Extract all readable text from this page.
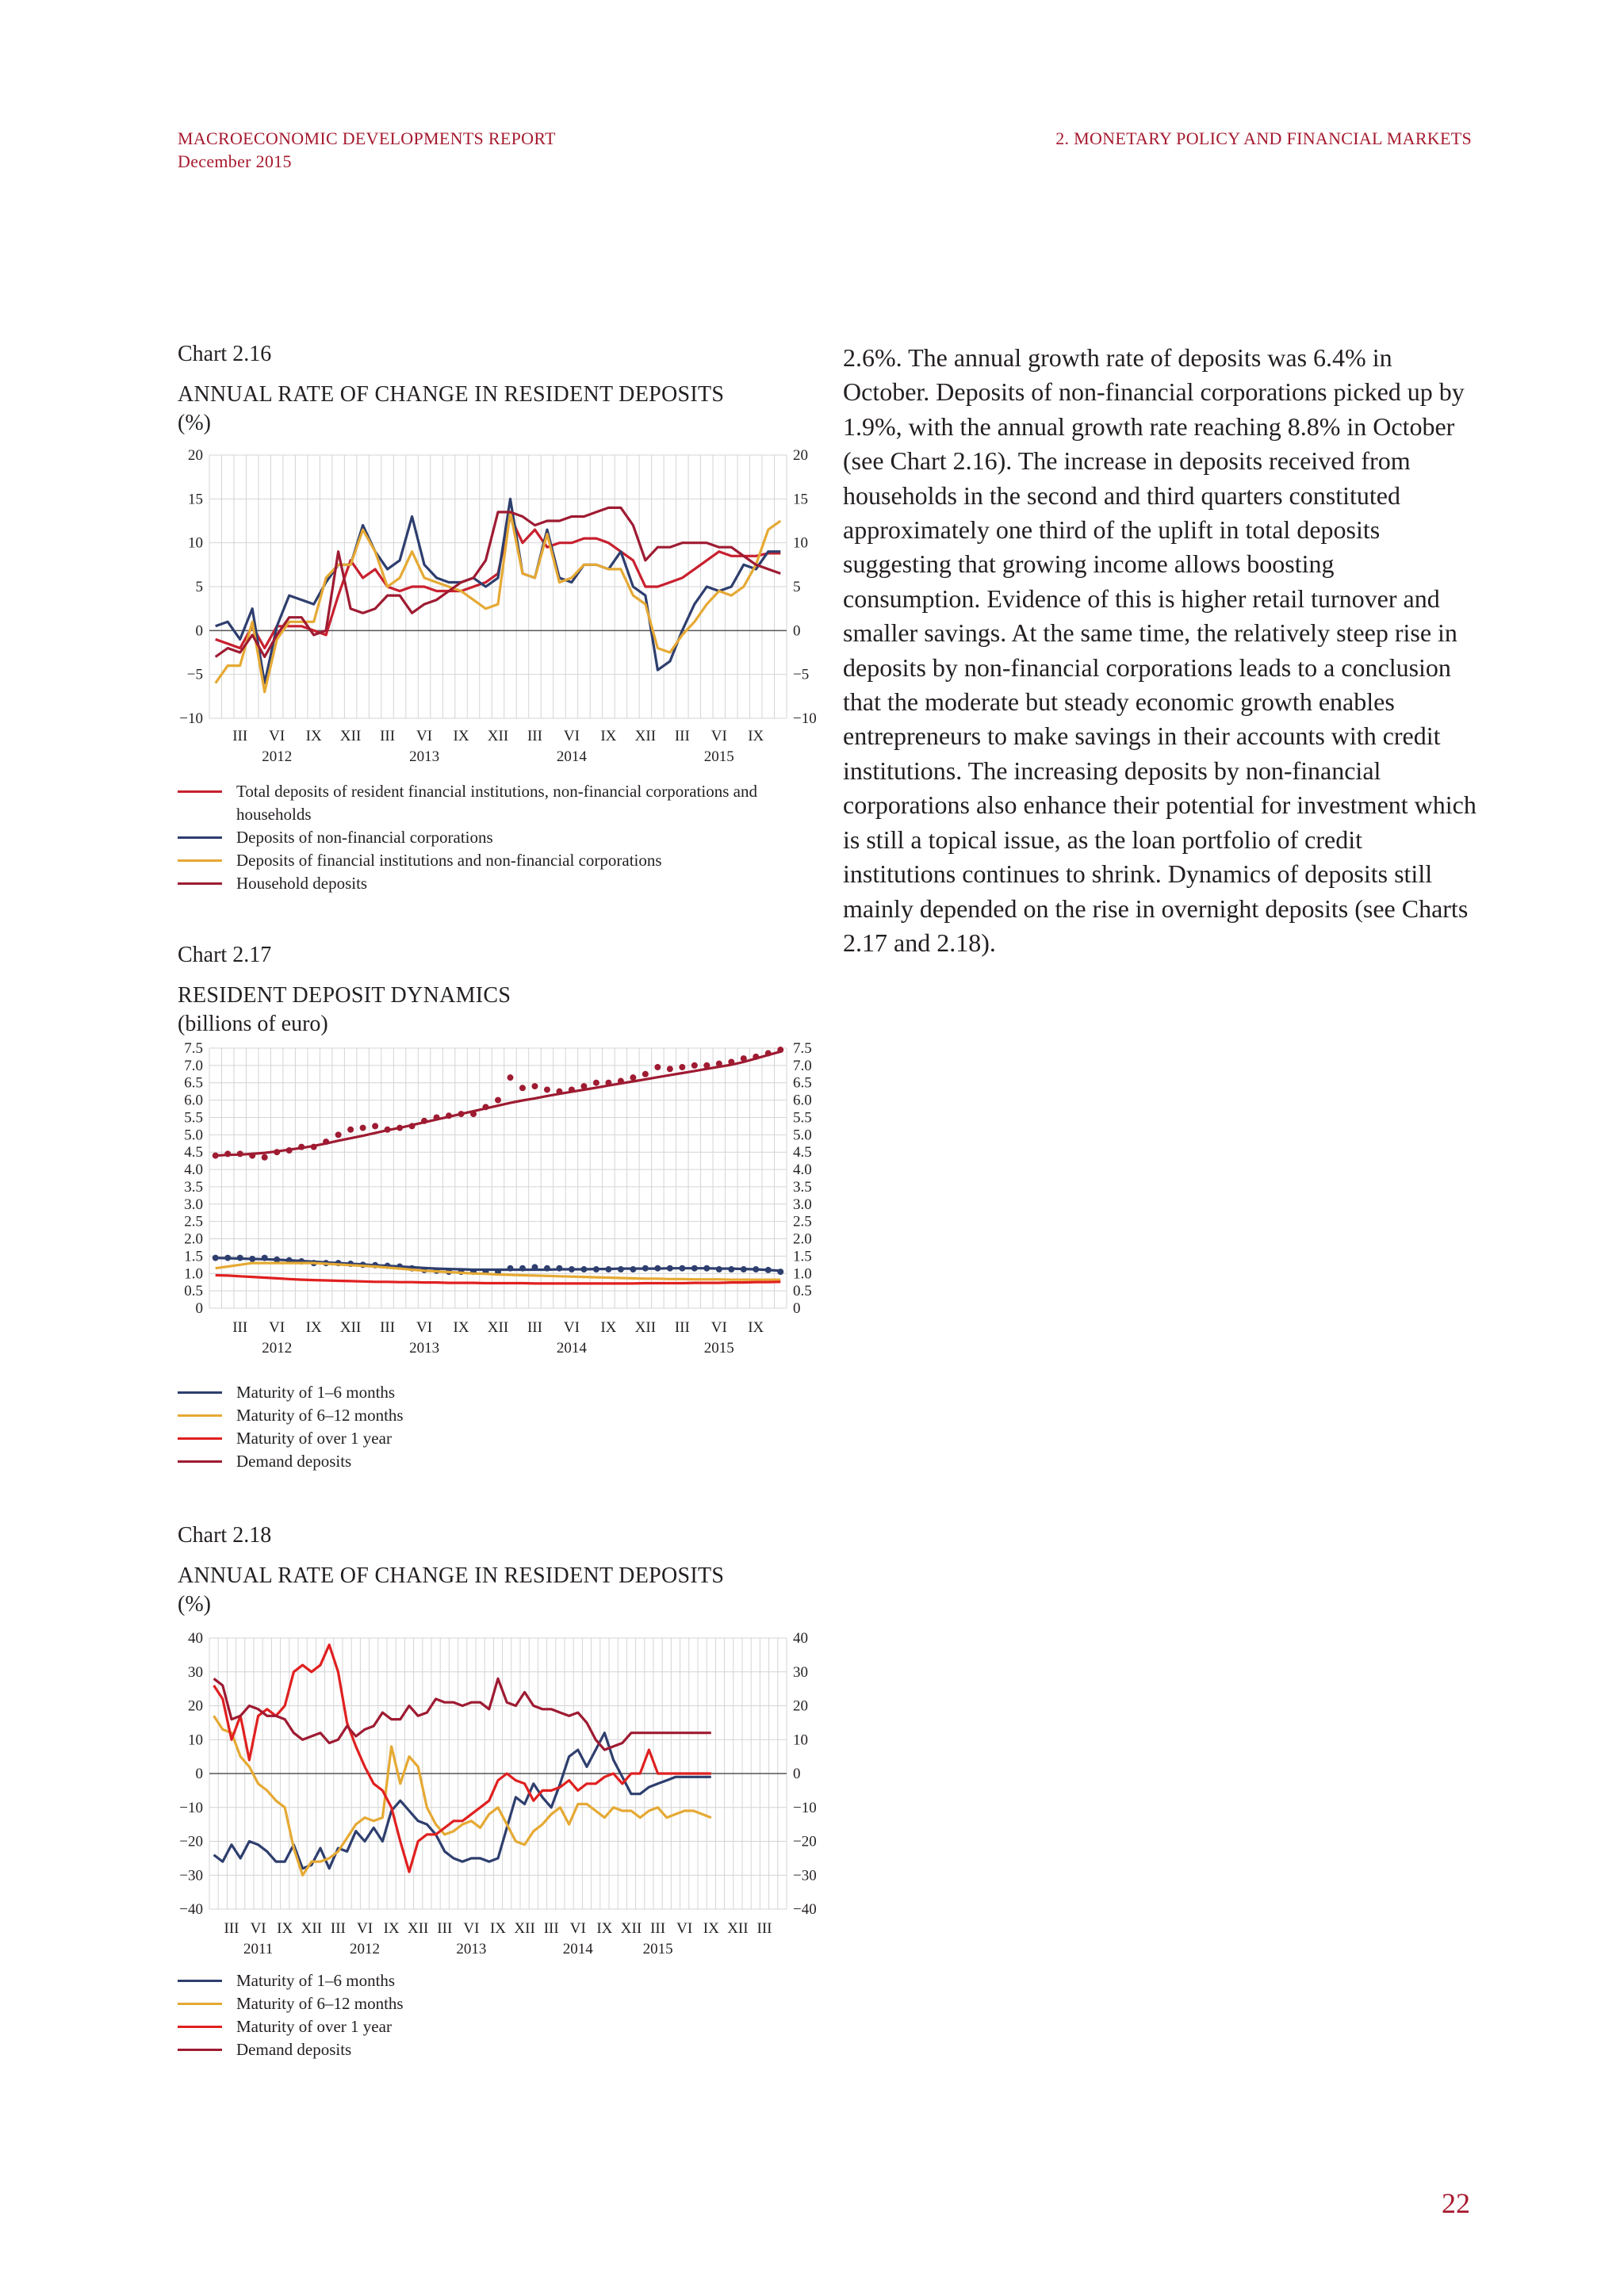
MACROECONOMIC DEVELOPMENTS REPORT
December 2015
2. MONETARY POLICY AND FINANCIAL MARKETS

Chart 2.16

ANNUAL RATE OF CHANGE IN RESIDENT DEPOSITS

(%)

20	20
15	15
10	10
5	5
0	0
−5	−5
−10	−10
III VI IX XII III VI IX XII III VI IX XII III VI IX
2012	2013	2014	2015
Total deposits of resident financial institutions, non-financial corporations and households
Deposits of non-financial corporations
Deposits of financial institutions and non-financial corporations
Household deposits

Chart 2.17

RESIDENT DEPOSIT DYNAMICS

(billions of euro)

7.5	7.5
7.0	7.0
6.5	6.5
6.0	6.0
5.5	5.5
5.0	5.0
4.5	4.5
4.0	4.0
3.5	3.5
3.0	3.0
2.5	2.5
2.0	2.0
1.5	1.5
1.0	1.0
0.5	0.5
0	0
III VI IX XII III VI IX XII III VI IX XII III VI IX
2012	2013	2014	2015
Maturity of 1–6 months
Maturity of 6–12 months
Maturity of over 1 year
Demand deposits

Chart 2.18

ANNUAL RATE OF CHANGE IN RESIDENT DEPOSITS

(%)

40	40
30	30
20	20
10	10
0	0
−10	−10
−20	−20
−30	−30
−40	−40
III VI IX XII III VI IX XII III VI IX XII III VI IX XII III VI IX XII III
2011	2012	2013	2014	2015
Maturity of 1–6 months
Maturity of 6–12 months
Maturity of over 1 year
Demand deposits

2.6%. The annual growth rate of deposits was 6.4% in October. Deposits of non-financial corporations picked up by 1.9%, with the annual growth rate reaching 8.8% in October (see Chart 2.16). The increase in deposits received from households in the second and third quarters constituted approximately one third of the uplift in total deposits suggesting that growing income allows boosting consumption. Evidence of this is higher retail turnover and smaller savings. At the same time, the relatively steep rise in deposits by non-financial corporations leads to a conclusion that the moderate but steady economic growth enables entrepreneurs to make savings in their accounts with credit institutions. The increasing deposits by non-financial corporations also enhance their potential for investment which is still a topical issue, as the loan portfolio of credit institutions continues to shrink. Dynamics of deposits still mainly depended on the rise in overnight deposits (see Charts 2.17 and 2.18).

22
